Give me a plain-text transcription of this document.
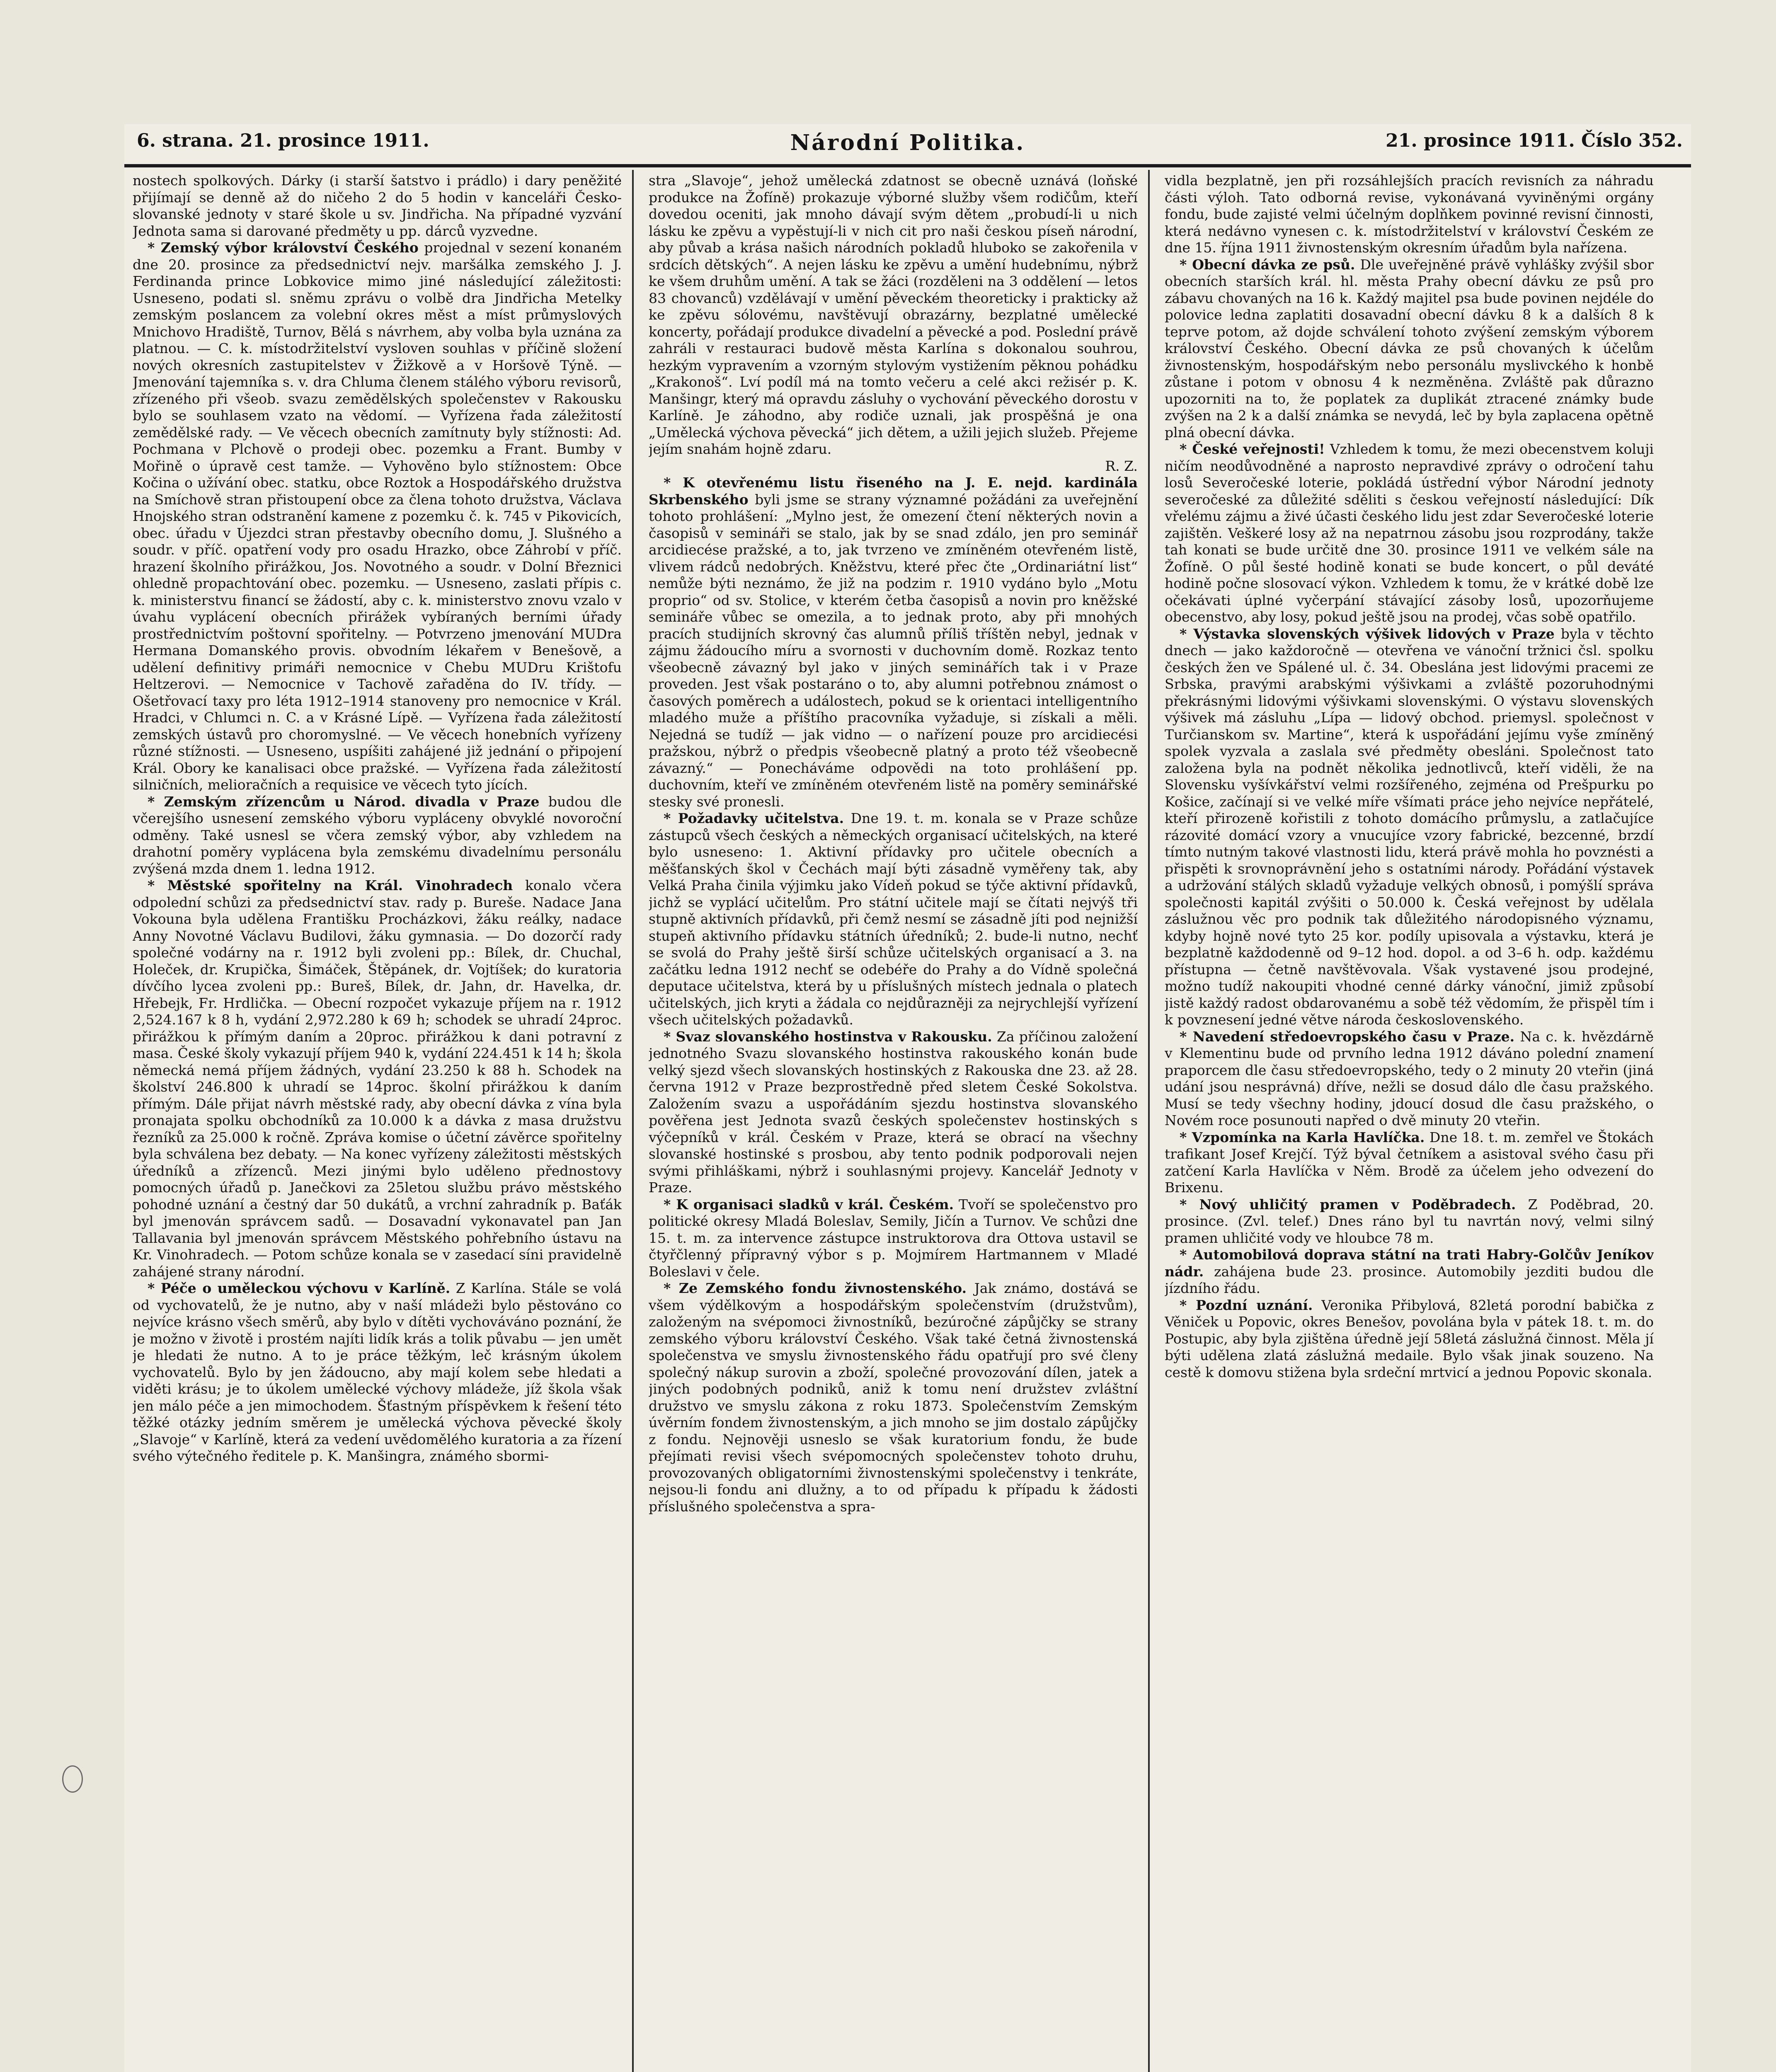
6. strana. 21. prosince 1911.	Národní Politika.	21. prosince 1911. Číslo 352.

nostech spolkových. Dárky (i starší šatstvo i prádlo) i dary peněžité přijímají se denně až do ničeho 2 do 5 hodin v kanceláři Česko-slovanské jednoty v staré škole u sv. Jindřicha. Na případné vyzvání Jednota sama si darované předměty u pp. dárců vyzvedne.

* Zemský výbor království Českého projednal v sezení konaném dne 20. prosince za předsednictví nejv. maršálka zemského J. J. Ferdinanda prince Lobkovice mimo jiné následující záležitosti: Usneseno, podati sl. sněmu zprávu o volbě dra Jindřicha Metelky zemským poslancem za volební okres měst a míst průmyslových Mnichovo Hradiště, Turnov, Bělá s návrhem, aby volba byla uznána za platnou. — C. k. místodržitelství vysloven souhlas v příčině složení nových okresních zastupitelstev v Žižkově a v Horšově Týně. — Jmenování tajemníka s. v. dra Chluma členem stálého výboru revisorů, zřízeného při všeob. svazu zemědělských společenstev v Rakousku bylo se souhlasem vzato na vědomí. — Vyřízena řada záležitostí zemědělské rady. — Ve věcech obecních zamítnuty byly stížnosti: Ad. Pochmana v Plchově o prodeji obec. pozemku a Frant. Bumby v Mořině o úpravě cest tamže. — Vyhověno bylo stížnostem: Obce Kočina o užívání obec. statku, obce Roztok a Hospodářského družstva na Smíchově stran přistoupení obce za člena tohoto družstva, Václava Hnojského stran odstranění kamene z pozemku č. k. 745 v Pikovicích, obec. úřadu v Újezdci stran přestavby obecního domu, J. Slušného a soudr. v příč. opatření vody pro osadu Hrazko, obce Záhrobí v příč. hrazení školního přirážkou, Jos. Novotného a soudr. v Dolní Březnici ohledně propachtování obec. pozemku. — Usneseno, zaslati přípis c. k. ministerstvu financí se žádostí, aby c. k. ministerstvo znovu vzalo v úvahu vyplácení obecních přirážek vybíraných berními úřady prostřednictvím poštovní spořitelny. — Potvrzeno jmenování MUDra Hermana Domanského provis. obvodním lékařem v Benešově, a udělení definitivy primáři nemocnice v Chebu MUDru Krištofu Heltzerovi. — Nemocnice v Tachově zařaděna do IV. třídy. — Ošetřovací taxy pro léta 1912–1914 stanoveny pro nemocnice v Král. Hradci, v Chlumci n. C. a v Krásné Lípě. — Vyřízena řada záležitostí zemských ústavů pro choromyslné. — Ve věcech honebních vyřízeny různé stížnosti. — Usneseno, uspíšiti zahájené již jednání o připojení Král. Obory ke kanalisaci obce pražské. — Vyřízena řada záležitostí silničních, melioračních a requisice ve věcech tyto jících.

* Zemským zřízencům u Národ. divadla v Praze budou dle včerejšího usnesení zemského výboru vypláceny obvyklé novoroční odměny. Také usnesl se včera zemský výbor, aby vzhledem na drahotní poměry vyplácena byla zemskému divadelnímu personálu zvýšená mzda dnem 1. ledna 1912.

* Městské spořitelny na Král. Vinohradech konalo včera odpolední schůzi za předsednictví stav. rady p. Bureše. Nadace Jana Vokouna byla udělena Františku Procházkovi, žáku reálky, nadace Anny Novotné Václavu Budilovi, žáku gymnasia. — Do dozorčí rady společné vodárny na r. 1912 byli zvoleni pp.: Bílek, dr. Chuchal, Holeček, dr. Krupička, Šimáček, Štěpánek, dr. Vojtíšek; do kuratoria dívčího lycea zvoleni pp.: Bureš, Bílek, dr. Jahn, dr. Havelka, dr. Hřebejk, Fr. Hrdlička. — Obecní rozpočet vykazuje příjem na r. 1912 2,524.167 k 8 h, vydání 2,972.280 k 69 h; schodek se uhradí 24proc. přirážkou k přímým daním a 20proc. přirážkou k dani potravní z masa. České školy vykazují příjem 940 k, vydání 224.451 k 14 h; škola německá nemá příjem žádných, vydání 23.250 k 88 h. Schodek na školství 246.800 k uhradí se 14proc. školní přirážkou k daním přímým. Dále přijat návrh městské rady, aby obecní dávka z vína byla pronajata spolku obchodníků za 10.000 k a dávka z masa družstvu řezníků za 25.000 k ročně. Zpráva komise o účetní závěrce spořitelny byla schválena bez debaty. — Na konec vyřízeny záležitosti městských úředníků a zřízenců. Mezi jinými bylo uděleno přednostovy pomocných úřadů p. Janečkovi za 25letou službu právo městského pohodné uznání a čestný dar 50 dukátů, a vrchní zahradník p. Baťák byl jmenován správcem sadů. — Dosavadní vykonavatel pan Jan Tallavania byl jmenován správcem Městského pohřebního ústavu na Kr. Vinohradech. — Potom schůze konala se v zasedací síni pravidelně zahájené strany národní.

* Péče o uměleckou výchovu v Karlíně. Z Karlína. Stále se volá od vychovatelů, že je nutno, aby v naší mládeži bylo pěstováno co nejvíce krásno všech směrů, aby bylo v dítěti vychováváno poznání, že je možno v životě i prostém najíti lidík krás a tolik půvabu — jen umět je hledati že nutno. A to je práce těžkým, leč krásným úkolem vychovatelů. Bylo by jen žádoucno, aby mají kolem sebe hledati a viděti krásu; je to úkolem umělecké výchovy mládeže, jíž škola však jen málo péče a jen mimochodem. Šťastným příspěvkem k řešení této těžké otázky jedním směrem je umělecká výchova pěvecké školy „Slavoje“ v Karlíně, která za vedení uvědomělého kuratoria a za řízení svého výtečného ředitele p. K. Manšingra, známého sbormi-

stra „Slavoje“, jehož umělecká zdatnost se obecně uznává (loňské produkce na Žofíně) prokazuje výborné služby všem rodičům, kteří dovedou oceniti, jak mnoho dávají svým dětem „probudí-li u nich lásku ke zpěvu a vypěstují-li v nich cit pro naši českou píseň národní, aby půvab a krása našich národních pokladů hluboko se zakořenila v srdcích dětských“. A nejen lásku ke zpěvu a umění hudebnímu, nýbrž ke všem druhům umění. A tak se žáci (rozděleni na 3 oddělení — letos 83 chovanců) vzdělávají v umění pěveckém theoreticky i prakticky až ke zpěvu sólovému, navštěvují obrazárny, bezplatné umělecké koncerty, pořádají produkce divadelní a pěvecké a pod. Poslední právě zahráli v restauraci budově města Karlína s dokonalou souhrou, hezkým vypravením a vzorným stylovým vystižením pěknou pohádku „Krakonoš“. Lví podíl má na tomto večeru a celé akci režisér p. K. Manšingr, který má opravdu zásluhy o vychování pěveckého dorostu v Karlíně. Je záhodno, aby rodiče uznali, jak prospěšná je ona „Umělecká výchova pěvecká“ jich dětem, a užili jejich služeb. Přejeme jejím snahám hojně zdaru.

R. Z.

* K otevřenému listu řiseného na J. E. nejd. kardinála Skrbenského byli jsme se strany významné požádáni za uveřejnění tohoto prohlášení: „Mylno jest, že omezení čtení některých novin a časopisů v semináři se stalo, jak by se snad zdálo, jen pro seminář arcidiecése pražské, a to, jak tvrzeno ve zmíněném otevřeném listě, vlivem rádců nedobrých. Kněžstvu, které přec čte „Ordinariátní list“ nemůže býti neznámo, že již na podzim r. 1910 vydáno bylo „Motu proprio“ od sv. Stolice, v kterém četba časopisů a novin pro kněžské semináře vůbec se omezila, a to jednak proto, aby při mnohých pracích studijních skrovný čas alumnů příliš tříštěn nebyl, jednak v zájmu žádoucího míru a svornosti v duchovním domě. Rozkaz tento všeobecně závazný byl jako v jiných seminářích tak i v Praze proveden. Jest však postaráno o to, aby alumni potřebnou známost o časových poměrech a událostech, pokud se k orientaci intelligentního mladého muže a příštího pracovníka vyžaduje, si získali a měli. Nejedná se tudíž — jak vidno — o nařízení pouze pro arcidiecési pražskou, nýbrž o předpis všeobecně platný a proto též všeobecně závazný.“ — Ponecháváme odpovědi na toto prohlášení pp. duchovním, kteří ve zmíněném otevřeném listě na poměry seminářské stesky své pronesli.

* Požadavky učitelstva. Dne 19. t. m. konala se v Praze schůze zástupců všech českých a německých organisací učitelských, na které bylo usneseno: 1. Aktivní přídavky pro učitele obecních a měšťanských škol v Čechách mají býti zásadně vyměřeny tak, aby Velká Praha činila výjimku jako Vídeň pokud se týče aktivní přídavků, jichž se vyplácí učitelům. Pro státní učitele mají se čítati nejvýš tři stupně aktivních přídavků, při čemž nesmí se zásadně jíti pod nejnižší stupeň aktivního přídavku státních úředníků; 2. bude-li nutno, nechť se svolá do Prahy ještě širší schůze učitelských organisací a 3. na začátku ledna 1912 nechť se odebéře do Prahy a do Vídně společná deputace učitelstva, která by u příslušných místech jednala o platech učitelských, jich kryti a žádala co nejdůrazněji za nejrychlejší vyřízení všech učitelských požadavků.

* Svaz slovanského hostinstva v Rakousku. Za příčinou založení jednotného Svazu slovanského hostinstva rakouského konán bude velký sjezd všech slovanských hostinských z Rakouska dne 23. až 28. června 1912 v Praze bezprostředně před sletem České Sokolstva. Založením svazu a uspořádáním sjezdu hostinstva slovanského pověřena jest Jednota svazů českých společenstev hostinských s výčepníků v král. Českém v Praze, která se obrací na všechny slovanské hostinské s prosbou, aby tento podnik podporovali nejen svými přihláškami, nýbrž i souhlasnými projevy. Kancelář Jednoty v Praze.

* K organisaci sladků v král. Českém. Tvoří se společenstvo pro politické okresy Mladá Boleslav, Semily, Jičín a Turnov. Ve schůzi dne 15. t. m. za intervence zástupce instruktorova dra Ottova ustavil se čtyřčlenný přípravný výbor s p. Mojmírem Hartmannem v Mladé Boleslavi v čele.

* Ze Zemského fondu živnostenského. Jak známo, dostává se všem výdělkovým a hospodářským společenstvím (družstvům), založeným na svépomoci živnostníků, bezúročné zápůjčky se strany zemského výboru království Českého. Však také četná živnostenská společenstva ve smyslu živnostenského řádu opatřují pro své členy společný nákup surovin a zboží, společné provozování dílen, jatek a jiných podobných podniků, aniž k tomu není družstev zvláštní družstvo ve smyslu zákona z roku 1873. Společenstvím Zemským úvěrním fondem živnostenským, a jich mnoho se jim dostalo zápůjčky z fondu. Nejnověji usneslo se však kuratorium fondu, že bude přejímati revisi všech svépomocných společenstev tohoto druhu, provozovaných obligatorními živnostenskými společenstvy i tenkráte, nejsou-li fondu ani dlužny, a to od případu k případu k žádosti příslušného společenstva a spra-

vidla bezplatně, jen při rozsáhlejších pracích revisních za náhradu části výloh. Tato odborná revise, vykonávaná vyviněnými orgány fondu, bude zajisté velmi účelným doplňkem povinné revisní činnosti, která nedávno vynesen c. k. místodržitelství v království Českém ze dne 15. října 1911 živnostenským okresním úřadům byla nařízena.

* Obecní dávka ze psů. Dle uveřejněné právě vyhlášky zvýšil sbor obecních starších král. hl. města Prahy obecní dávku ze psů pro zábavu chovaných na 16 k. Každý majitel psa bude povinen nejdéle do polovice ledna zaplatiti dosavadní obecní dávku 8 k a dalších 8 k teprve potom, až dojde schválení tohoto zvýšení zemským výborem království Českého. Obecní dávka ze psů chovaných k účelům živnostenským, hospodářským nebo personálu myslivckého k honbě zůstane i potom v obnosu 4 k nezměněna. Zvláště pak důrazno upozorniti na to, že poplatek za duplikát ztracené známky bude zvýšen na 2 k a další známka se nevydá, leč by byla zaplacena opětně plná obecní dávka.

* České veřejnosti! Vzhledem k tomu, že mezi obecenstvem koluji ničím neodůvodněné a naprosto nepravdivé zprávy o odročení tahu losů Severočeské loterie, pokládá ústřední výbor Národní jednoty severočeské za důležité sděliti s českou veřejností následující: Dík vřelému zájmu a živé účasti českého lidu jest zdar Severočeské loterie zajištěn. Veškeré losy až na nepatrnou zásobu jsou rozprodány, takže tah konati se bude určitě dne 30. prosince 1911 ve velkém sále na Žofíně. O půl šesté hodině konati se bude koncert, o půl deváté hodině počne slosovací výkon. Vzhledem k tomu, že v krátké době lze očekávati úplné vyčerpání stávající zásoby losů, upozorňujeme obecenstvo, aby losy, pokud ještě jsou na prodej, včas sobě opatřilo.

* Výstavka slovenských výšivek lidových v Praze byla v těchto dnech — jako každoročně — otevřena ve vánoční tržnici čsl. spolku českých žen ve Spálené ul. č. 34. Obeslána jest lidovými pracemi ze Srbska, pravými arabskými výšivkami a zvláště pozoruhodnými překrásnými lidovými výšivkami slovenskými. O výstavu slovenských výšivek má zásluhu „Lípa — lidový obchod. priemysl. společnost v Turčianskom sv. Martine“, která k uspořádání jejímu vyše zmíněný spolek vyzvala a zaslala své předměty obesláni. Společnost tato založena byla na podnět několika jednotlivců, kteří viděli, že na Slovensku vyšívkářství velmi rozšířeného, zejména od Prešpurku po Košice, začínají si ve velké míře všímati práce jeho nejvíce nepřátelé, kteří přirozeně kořistili z tohoto domácího průmyslu, a zatlačujíce rázovité domácí vzory a vnucujíce vzory fabrické, bezcenné, brzdí tímto nutným takové vlastnosti lidu, která právě mohla ho povznésti a přispěti k srovnoprávnění jeho s ostatními národy. Pořádání výstavek a udržování stálých skladů vyžaduje velkých obnosů, i pomýšlí správa společnosti kapitál zvýšiti o 50.000 k. Česká veřejnost by udělala záslužnou věc pro podnik tak důležitého národopisného významu, kdyby hojně nové tyto 25 kor. podíly upisovala a výstavku, která je bezplatně každodenně od 9–12 hod. dopol. a od 3–6 h. odp. každému přístupna — četně navštěvovala. Však vystavené jsou prodejné, možno tudíž nakoupiti vhodné cenné dárky vánoční, jimiž způsobí jistě každý radost obdarovanému a sobě též vědomím, že přispěl tím i k povznesení jedné větve národa československého.

* Navedení středoevropského času v Praze. Na c. k. hvězdárně v Klementinu bude od prvního ledna 1912 dáváno polední znamení praporcem dle času středoevropského, tedy o 2 minuty 20 vteřin (jiná udání jsou nesprávná) dříve, nežli se dosud dálo dle času pražského. Musí se tedy všechny hodiny, jdoucí dosud dle času pražského, o Novém roce posunouti napřed o dvě minuty 20 vteřin.

* Vzpomínka na Karla Havlíčka. Dne 18. t. m. zemřel ve Štokách trafikant Josef Krejčí. Týž býval četníkem a asistoval svého času při zatčení Karla Havlíčka v Něm. Brodě za účelem jeho odvezení do Brixenu.

* Nový uhličitý pramen v Poděbradech. Z Poděbrad, 20. prosince. (Zvl. telef.) Dnes ráno byl tu navrtán nový, velmi silný pramen uhličité vody ve hloubce 78 m.

* Automobilová doprava státní na trati Habry-Golčův Jeníkov nádr. zahájena bude 23. prosince. Automobily jezditi budou dle jízdního řádu.

* Pozdní uznání. Veronika Přibylová, 82letá porodní babička z Věniček u Popovic, okres Benešov, povolána byla v pátek 18. t. m. do Postupic, aby byla zjištěna úředně její 58letá záslužná činnost. Měla jí býti udělena zlatá záslužná medaile. Bylo však jinak souzeno. Na cestě k domovu stižena byla srdeční mrtvicí a jednou Popovic skonala.
